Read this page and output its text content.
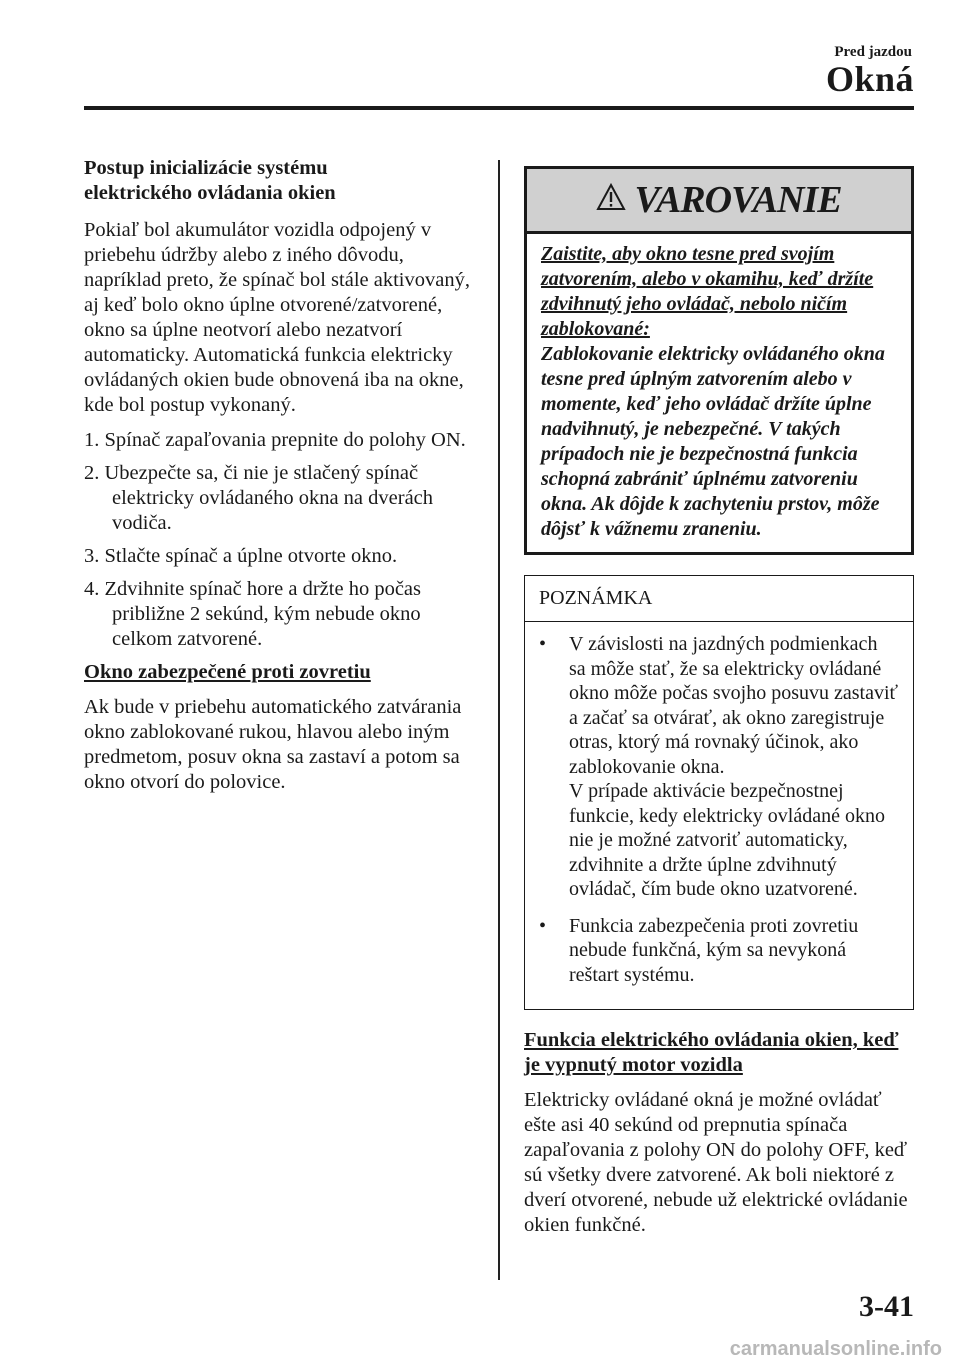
Pred jazdou
Okná
Postup inicializácie systému
elektrického ovládania okien

Pokiaľ bol akumulátor vozidla odpojený v priebehu údržby alebo z iného dôvodu, napríklad preto, že spínač bol stále aktivovaný, aj keď bolo okno úplne otvorené/zatvorené, okno sa úplne neotvorí alebo nezatvorí automaticky. Automatická funkcia elektricky ovládaných okien bude obnovená iba na okne, kde bol postup vykonaný.

1. Spínač zapaľovania prepnite do polohy ON.
2. Ubezpečte sa, či nie je stlačený spínač elektricky ovládaného okna na dverách vodiča.
3. Stlačte spínač a úplne otvorte okno.
4. Zdvihnite spínač hore a držte ho počas približne 2 sekúnd, kým nebude okno celkom zatvorené.
Okno zabezpečené proti zovretiu

Ak bude v priebehu automatického zatvárania okno zablokované rukou, hlavou alebo iným predmetom, posuv okna sa zastaví a potom sa okno otvorí do polovice.

VAROVANIE
Zaistite, aby okno tesne pred svojím zatvorením, alebo v okamihu, keď držíte zdvihnutý jeho ovládač, nebolo ničím zablokované:
Zablokovanie elektricky ovládaného okna tesne pred úplným zatvorením alebo v momente, keď jeho ovládač držíte úplne nadvihnutý, je nebezpečné. V takých prípadoch nie je bezpečnostná funkcia schopná zabrániť úplnému zatvoreniu okna. Ak dôjde k zachyteniu prstov, môže dôjsť k vážnemu zraneniu.
POZNÁMKA
• V závislosti na jazdných podmienkach sa môže stať, že sa elektricky ovládané okno môže počas svojho posuvu zastaviť a začať sa otvárať, ak okno zaregistruje otras, ktorý má rovnaký účinok, ako zablokovanie okna.
V prípade aktivácie bezpečnostnej funkcie, kedy elektricky ovládané okno nie je možné zatvoriť automaticky, zdvihnite a držte úplne zdvihnutý ovládač, čím bude okno uzatvorené.
• Funkcia zabezpečenia proti zovretiu nebude funkčná, kým sa nevykoná reštart systému.
Funkcia elektrického ovládania okien, keď je vypnutý motor vozidla

Elektricky ovládané okná je možné ovládať ešte asi 40 sekúnd od prepnutia spínača zapaľovania z polohy ON do polohy OFF, keď sú všetky dvere zatvorené. Ak boli niektoré z dverí otvorené, nebude už elektrické ovládanie okien funkčné.

3-41
carmanualsonline.info
